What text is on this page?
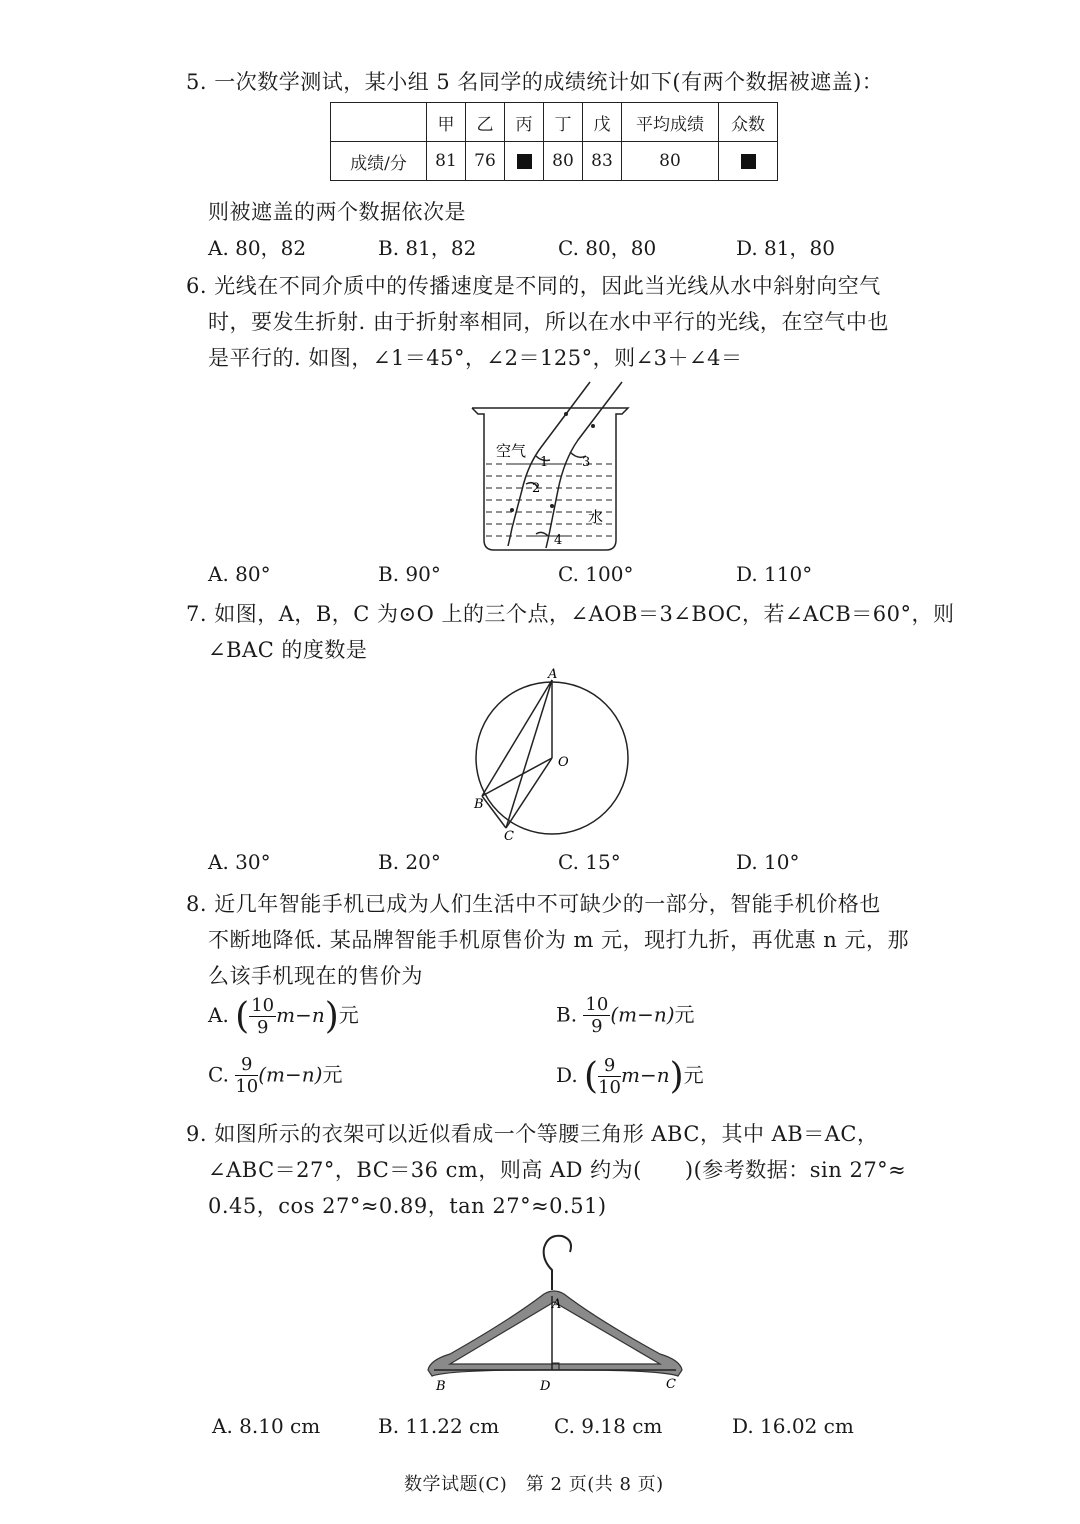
5. 一次数学测试，某小组 5 名同学的成绩统计如下(有两个数据被遮盖)：
	甲	乙	丙	丁	戊	平均成绩	众数
成绩/分	81	76		80	83	80	
则被遮盖的两个数据依次是
A. 80，82	B. 81，82	C. 80，80	D. 81，80
6. 光线在不同介质中的传播速度是不同的，因此当光线从水中斜射向空气
时，要发生折射. 由于折射率相同，所以在水中平行的光线，在空气中也
是平行的. 如图，∠1＝45°，∠2＝125°，则∠3＋∠4＝
空气
水
1
2
3
4
A. 80°	B. 90°	C. 100°	D. 110°
7. 如图，A，B，C 为⊙O 上的三个点，∠AOB＝3∠BOC，若∠ACB＝60°，则
∠BAC 的度数是
A
B
C
O
A. 30°	B. 20°	C. 15°	D. 10°
8. 近几年智能手机已成为人们生活中不可缺少的一部分，智能手机价格也
不断地降低. 某品牌智能手机原售价为 m 元，现打九折，再优惠 n 元，那
么该手机现在的售价为
A. ( $\frac{10}{9} m-n$)元	B. $\frac{10}{9} (m-n)$元
C. $\frac{9}{10} (m-n)$元	D. ( $\frac{9}{10} m-n$)元
9. 如图所示的衣架可以近似看成一个等腰三角形 ABC，其中 AB＝AC，
∠ABC＝27°，BC＝36 cm，则高 AD 约为(　　)(参考数据：sin 27°≈
0.45，cos 27°≈0.89，tan 27°≈0.51)
A
B	D	C
A. 8.10 cm	B. 11.22 cm	C. 9.18 cm	D. 16.02 cm
数学试题(C)　第 2 页(共 8 页)
